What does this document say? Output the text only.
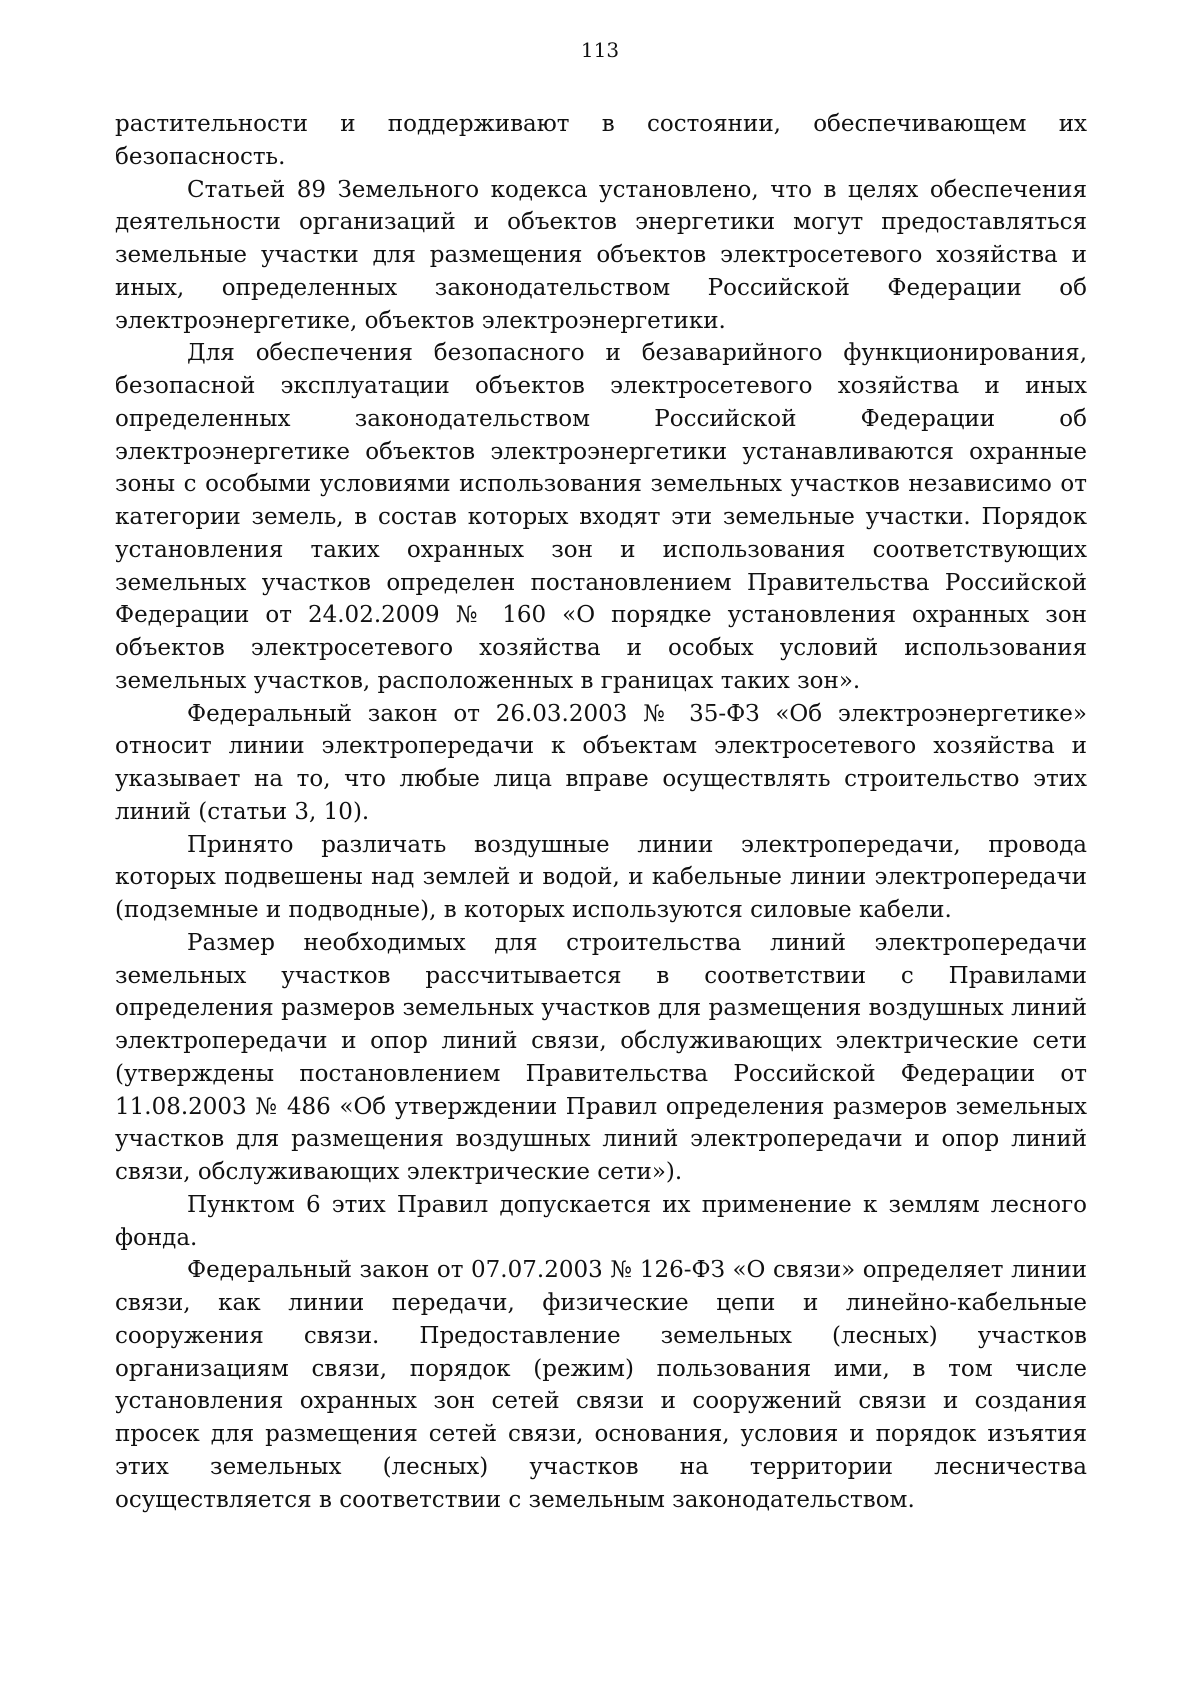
113

растительности и поддерживают в состоянии, обеспечивающем их безопасность.

Статьей 89 Земельного кодекса установлено, что в целях обеспечения деятельности организаций и объектов энергетики могут предоставляться земельные участки для размещения объектов электросетевого хозяйства и иных, определенных законодательством Российской Федерации об электроэнергетике, объектов электроэнергетики.

Для обеспечения безопасного и безаварийного функционирования, безопасной эксплуатации объектов электросетевого хозяйства и иных определенных законодательством Российской Федерации об электроэнергетике объектов электроэнергетики устанавливаются охранные зоны с особыми условиями использования земельных участков независимо от категории земель, в состав которых входят эти земельные участки. Порядок установления таких охранных зон и использования соответствующих земельных участков определен постановлением Правительства Российской Федерации от 24.02.2009 № 160 «О порядке установления охранных зон объектов электросетевого хозяйства и особых условий использования земельных участков, расположенных в границах таких зон».

Федеральный закон от 26.03.2003 № 35-ФЗ «Об электроэнергетике» относит линии электропередачи к объектам электросетевого хозяйства и указывает на то, что любые лица вправе осуществлять строительство этих линий (статьи 3, 10).

Принято различать воздушные линии электропередачи, провода которых подвешены над землей и водой, и кабельные линии электропередачи (подземные и подводные), в которых используются силовые кабели.

Размер необходимых для строительства линий электропередачи земельных участков рассчитывается в соответствии с Правилами определения размеров земельных участков для размещения воздушных линий электропередачи и опор линий связи, обслуживающих электрические сети (утверждены постановлением Правительства Российской Федерации от 11.08.2003 № 486 «Об утверждении Правил определения размеров земельных участков для размещения воздушных линий электропередачи и опор линий связи, обслуживающих электрические сети»).

Пунктом 6 этих Правил допускается их применение к землям лесного фонда.

Федеральный закон от 07.07.2003 № 126-ФЗ «О связи» определяет линии связи, как линии передачи, физические цепи и линейно-кабельные сооружения связи. Предоставление земельных (лесных) участков организациям связи, порядок (режим) пользования ими, в том числе установления охранных зон сетей связи и сооружений связи и создания просек для размещения сетей связи, основания, условия и порядок изъятия этих земельных (лесных) участков на территории лесничества осуществляется в соответствии с земельным законодательством.
